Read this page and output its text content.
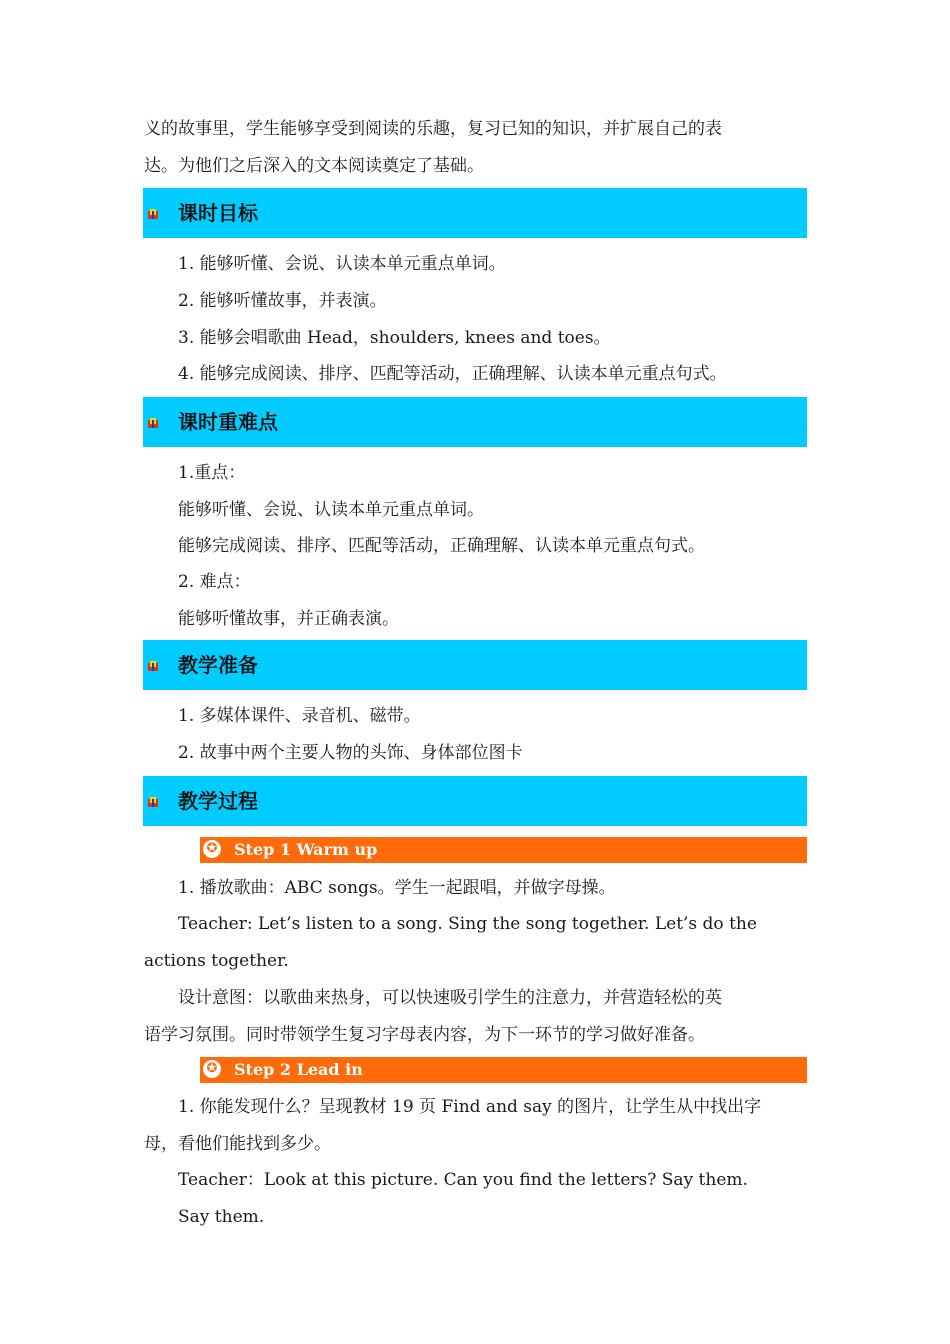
义的故事里，学生能够享受到阅读的乐趣，复习已知的知识，并扩展自己的表
达。为他们之后深入的文本阅读奠定了基础。
课时目标
1. 能够听懂、会说、认读本单元重点单词。
2. 能够听懂故事，并表演。
3. 能够会唱歌曲 Head，shoulders, knees and toes。
4. 能够完成阅读、排序、匹配等活动，正确理解、认读本单元重点句式。
课时重难点
1.重点：
能够听懂、会说、认读本单元重点单词。
能够完成阅读、排序、匹配等活动，正确理解、认读本单元重点句式。
2. 难点：
能够听懂故事，并正确表演。
教学准备
1. 多媒体课件、录音机、磁带。
2. 故事中两个主要人物的头饰、身体部位图卡
教学过程
✪ Step 1 Warm up
1. 播放歌曲：ABC songs。学生一起跟唱，并做字母操。
Teacher: Let’s listen to a song. Sing the song together. Let’s do the
actions together.
设计意图：以歌曲来热身，可以快速吸引学生的注意力，并营造轻松的英
语学习氛围。同时带领学生复习字母表内容，为下一环节的学习做好准备。
✪ Step 2 Lead in
1. 你能发现什么？呈现教材 19 页 Find and say 的图片，让学生从中找出字
母，看他们能找到多少。
Teacher：Look at this picture. Can you find the letters? Say them.
Say them.
